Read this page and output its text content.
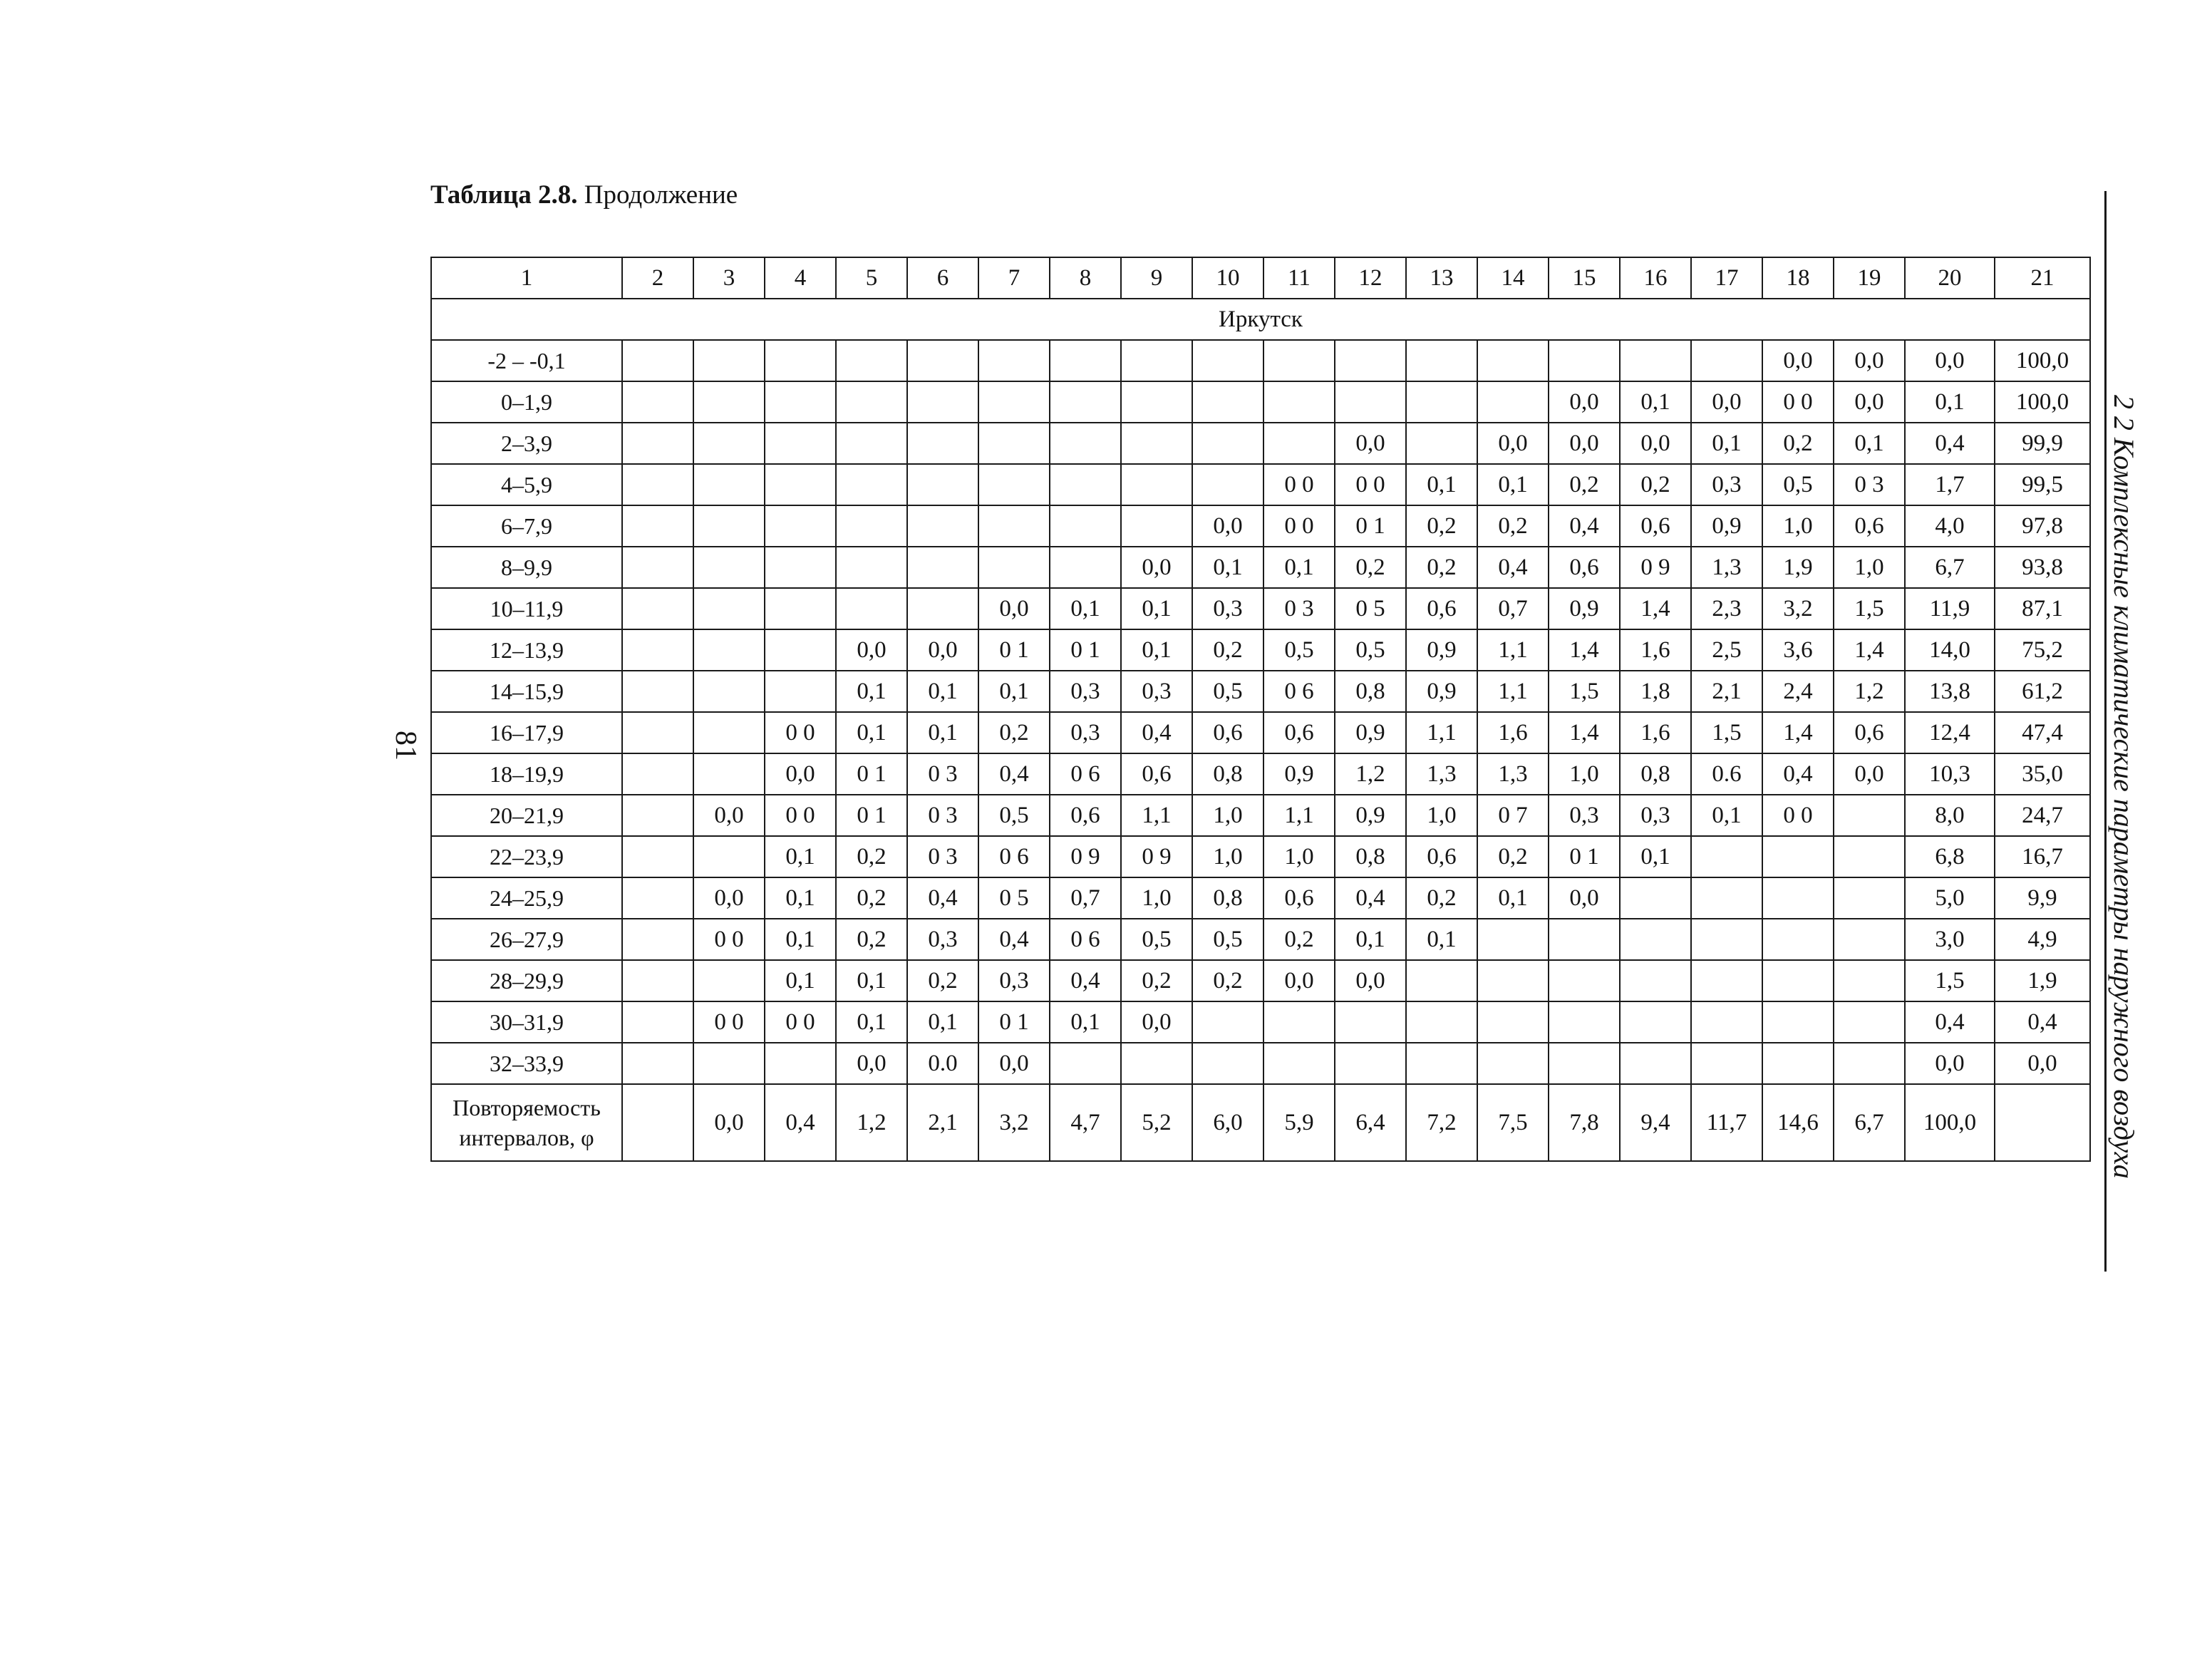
Таблица 2.8. Продолжение
1	2	3	4	5	6	7	8	9	10	11	12	13	14	15	16	17	18	19	20	21
Иркутск																				
-2 – -0,1																	0,0	0,0	0,0	100,0
0–1,9														0,0	0,1	0,0	0 0	0,0	0,1	100,0
2–3,9											0,0		0,0	0,0	0,0	0,1	0,2	0,1	0,4	99,9
4–5,9										0 0	0 0	0,1	0,1	0,2	0,2	0,3	0,5	0 3	1,7	99,5
6–7,9									0,0	0 0	0 1	0,2	0,2	0,4	0,6	0,9	1,0	0,6	4,0	97,8
8–9,9								0,0	0,1	0,1	0,2	0,2	0,4	0,6	0 9	1,3	1,9	1,0	6,7	93,8
10–11,9						0,0	0,1	0,1	0,3	0 3	0 5	0,6	0,7	0,9	1,4	2,3	3,2	1,5	11,9	87,1
12–13,9				0,0	0,0	0 1	0 1	0,1	0,2	0,5	0,5	0,9	1,1	1,4	1,6	2,5	3,6	1,4	14,0	75,2
14–15,9				0,1	0,1	0,1	0,3	0,3	0,5	0 6	0,8	0,9	1,1	1,5	1,8	2,1	2,4	1,2	13,8	61,2
16–17,9			0 0	0,1	0,1	0,2	0,3	0,4	0,6	0,6	0,9	1,1	1,6	1,4	1,6	1,5	1,4	0,6	12,4	47,4
18–19,9			0,0	0 1	0 3	0,4	0 6	0,6	0,8	0,9	1,2	1,3	1,3	1,0	0,8	0.6	0,4	0,0	10,3	35,0
20–21,9		0,0	0 0	0 1	0 3	0,5	0,6	1,1	1,0	1,1	0,9	1,0	0 7	0,3	0,3	0,1	0 0		8,0	24,7
22–23,9			0,1	0,2	0 3	0 6	0 9	0 9	1,0	1,0	0,8	0,6	0,2	0 1	0,1				6,8	16,7
24–25,9		0,0	0,1	0,2	0,4	0 5	0,7	1,0	0,8	0,6	0,4	0,2	0,1	0,0					5,0	9,9
26–27,9		0 0	0,1	0,2	0,3	0,4	0 6	0,5	0,5	0,2	0,1	0,1							3,0	4,9
28–29,9			0,1	0,1	0,2	0,3	0,4	0,2	0,2	0,0	0,0								1,5	1,9
30–31,9		0 0	0 0	0,1	0,1	0 1	0,1	0,0											0,4	0,4
32–33,9				0,0	0.0	0,0													0,0	0,0
Повторяемость интервалов, φ		0,0	0,4	1,2	2,1	3,2	4,7	5,2	6,0	5,9	6,4	7,2	7,5	7,8	9,4	11,7	14,6	6,7	100,0	
81	2 2 Комплексные климатические параметры наружного воздуха
